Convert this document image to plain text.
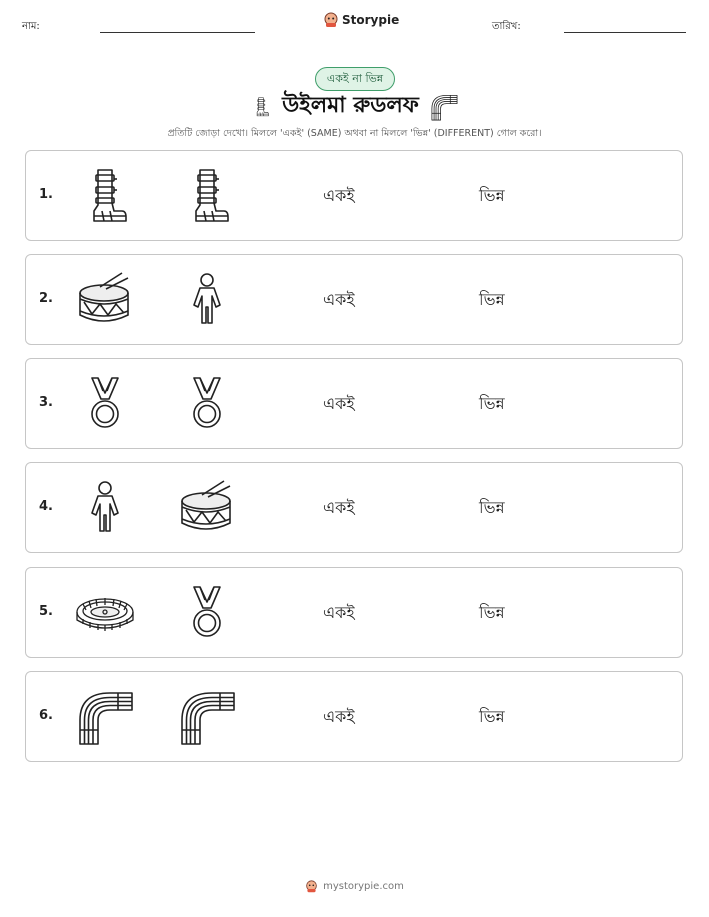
নাম:	Storypie	তারিখ:
একই না ভিন্ন
উইলমা রুডলফ
প্রতিটি জোড়া দেখো। মিললে 'একই' (SAME) অথবা না মিললে 'ভিন্ন' (DIFFERENT) গোল করো।
1.	একই	ভিন্ন
2.	একই	ভিন্ন
3.	একই	ভিন্ন
4.	একই	ভিন্ন
5.	একই	ভিন্ন
6.	একই	ভিন্ন
mystorypie.com
